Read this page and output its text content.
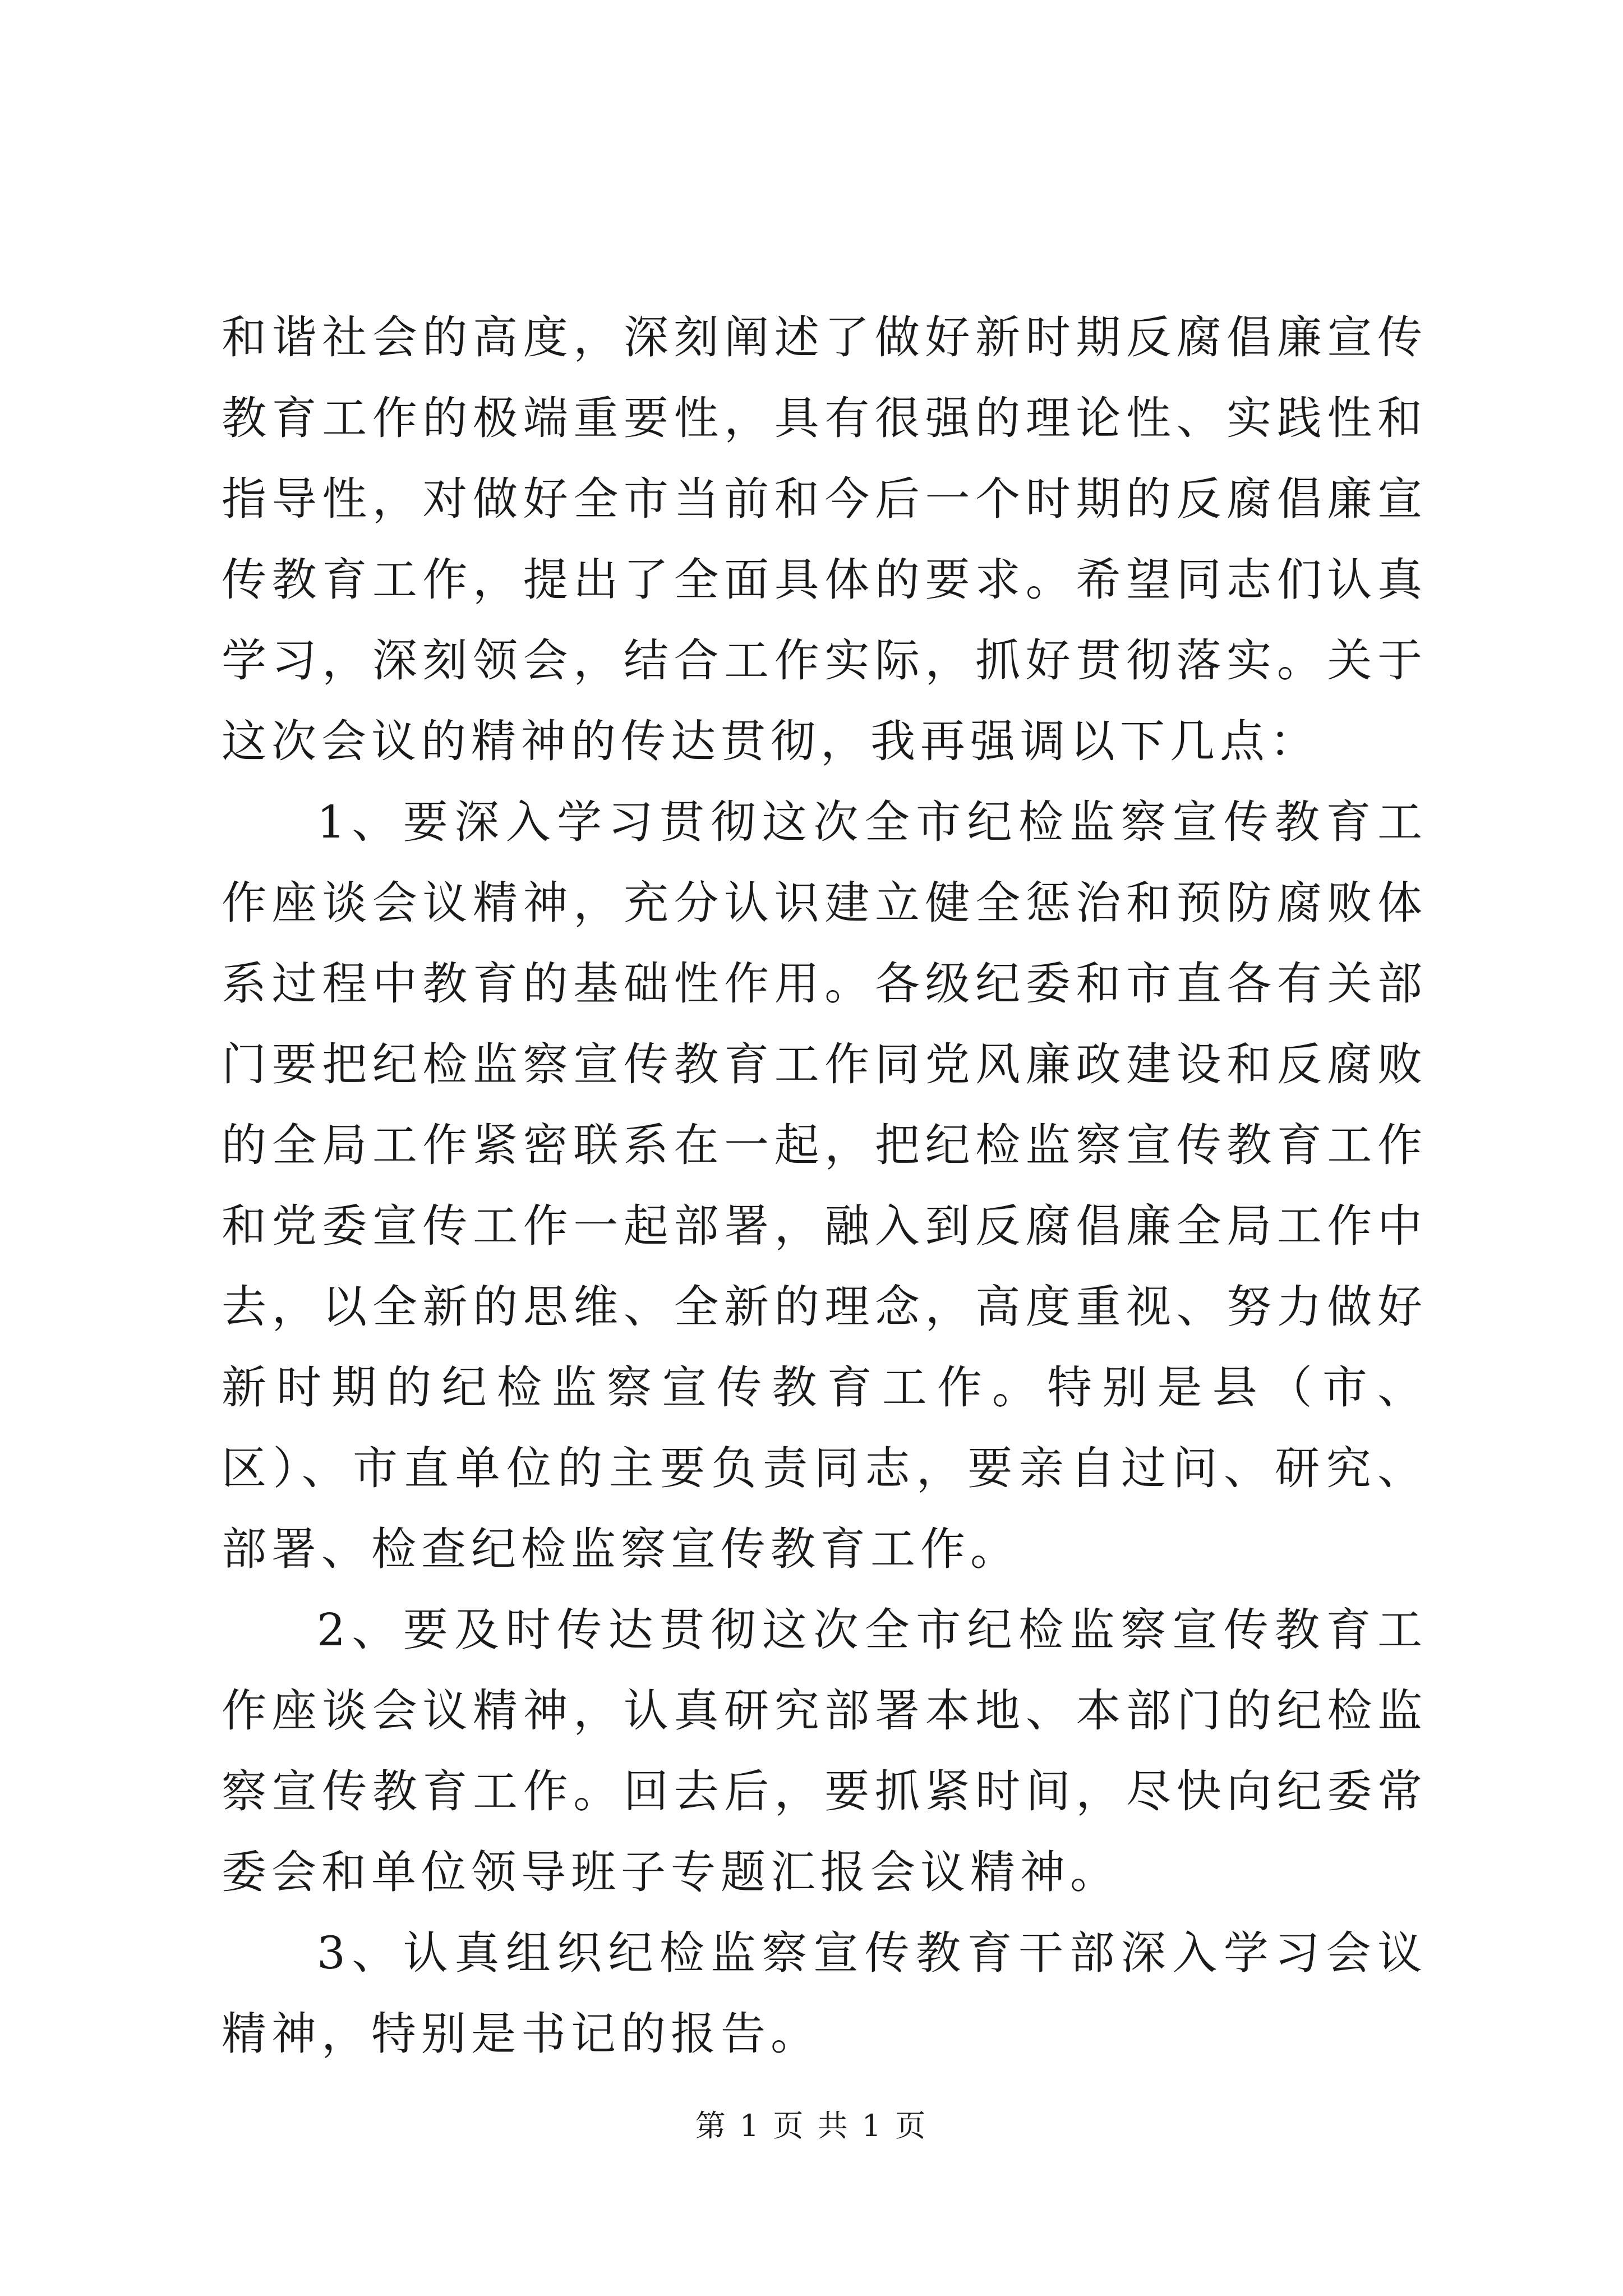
和谐社会的高度，深刻阐述了做好新时期反腐倡廉宣传教育工作的极端重要性，具有很强的理论性、实践性和指导性，对做好全市当前和今后一个时期的反腐倡廉宣传教育工作，提出了全面具体的要求。希望同志们认真学习，深刻领会，结合工作实际，抓好贯彻落实。关于这次会议的精神的传达贯彻，我再强调以下几点：

1、要深入学习贯彻这次全市纪检监察宣传教育工作座谈会议精神，充分认识建立健全惩治和预防腐败体系过程中教育的基础性作用。各级纪委和市直各有关部门要把纪检监察宣传教育工作同党风廉政建设和反腐败的全局工作紧密联系在一起，把纪检监察宣传教育工作和党委宣传工作一起部署，融入到反腐倡廉全局工作中去，以全新的思维、全新的理念，高度重视、努力做好新时期的纪检监察宣传教育工作。特别是县（市、区）、市直单位的主要负责同志，要亲自过问、研究、部署、检查纪检监察宣传教育工作。

2、要及时传达贯彻这次全市纪检监察宣传教育工作座谈会议精神，认真研究部署本地、本部门的纪检监察宣传教育工作。回去后，要抓紧时间，尽快向纪委常委会和单位领导班子专题汇报会议精神。

3、认真组织纪检监察宣传教育干部深入学习会议精神，特别是书记的报告。

第 1 页 共 1 页
